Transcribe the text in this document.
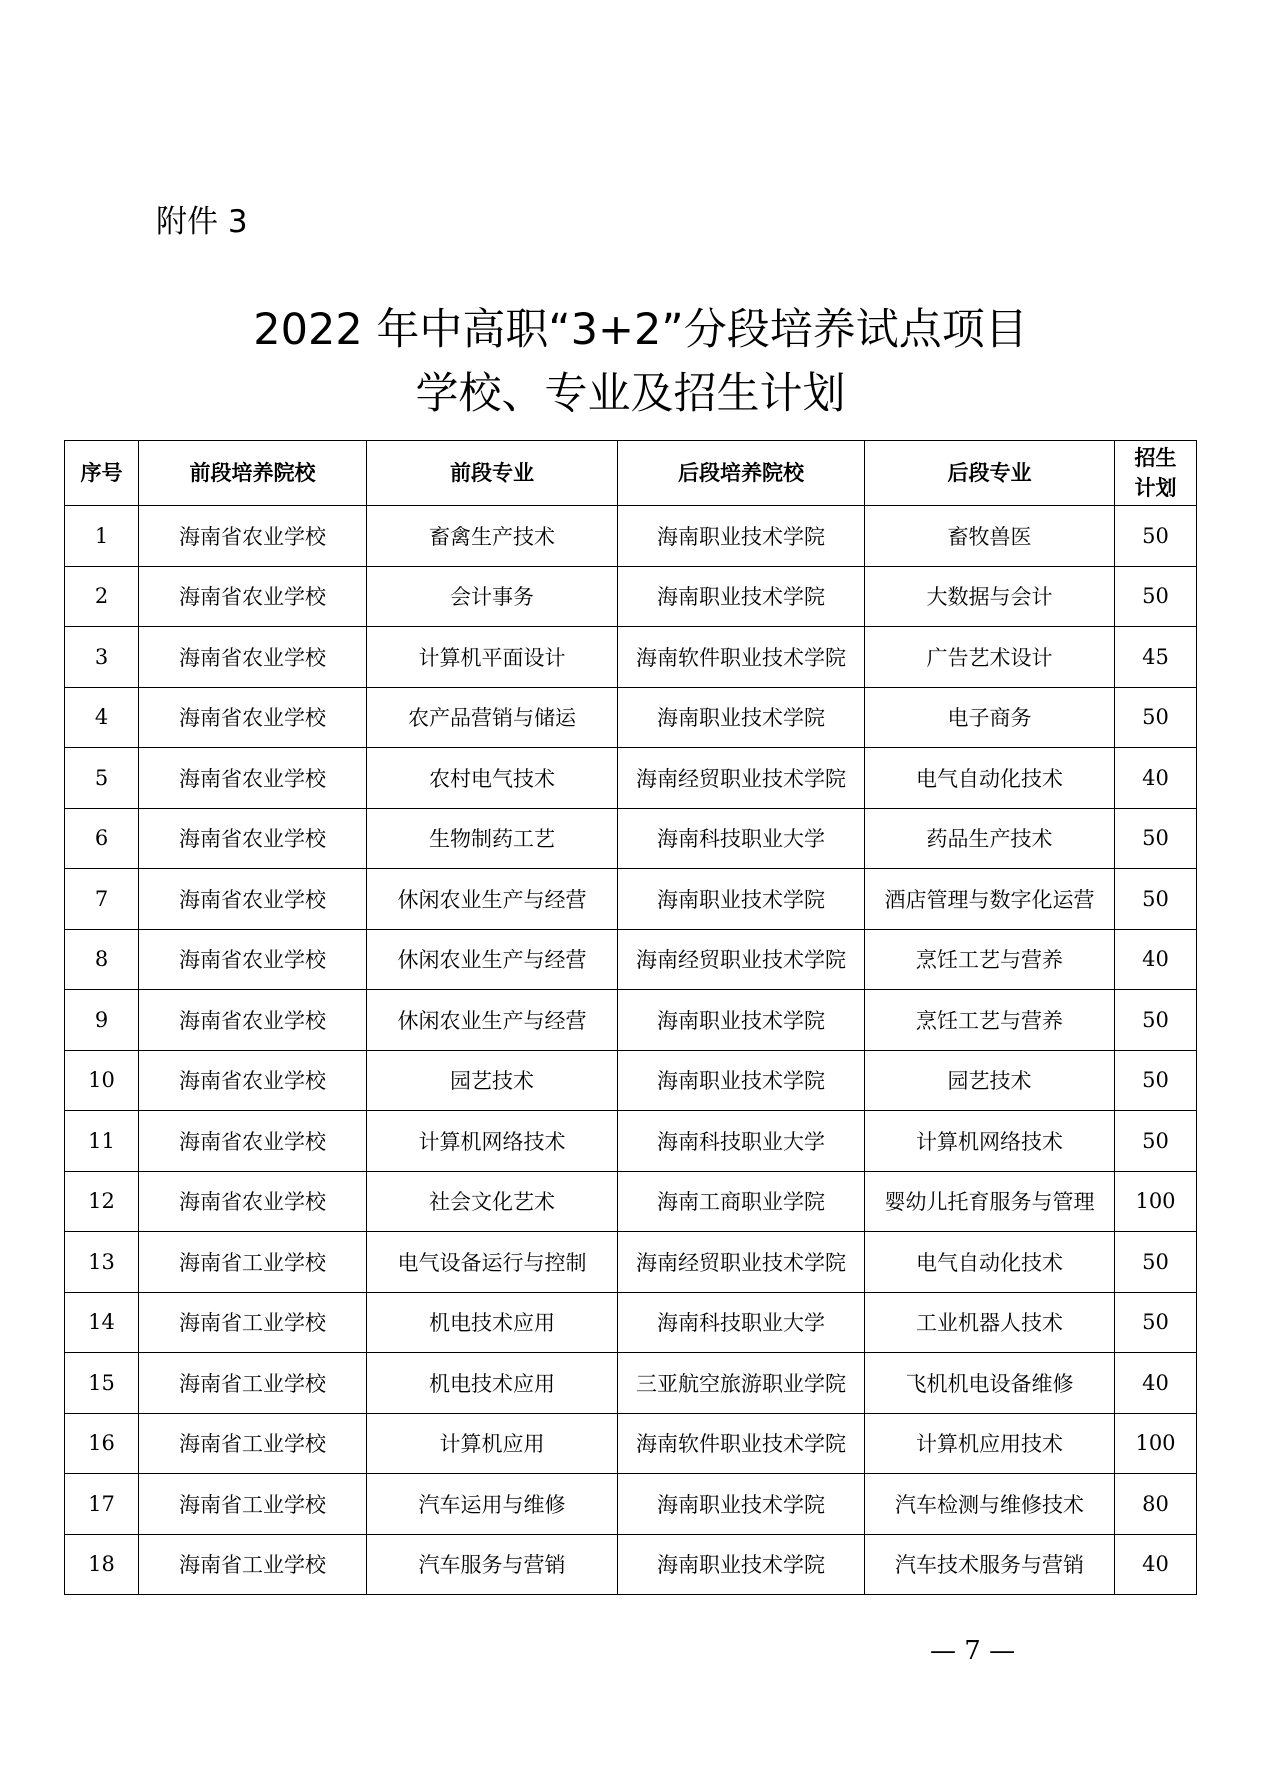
附件 3
2022 年中高职“3+2”分段培养试点项目
学校、专业及招生计划
序号	前段培养院校	前段专业	后段培养院校	后段专业	招生
计划

1	海南省农业学校	畜禽生产技术	海南职业技术学院	畜牧兽医	50
2	海南省农业学校	会计事务	海南职业技术学院	大数据与会计	50
3	海南省农业学校	计算机平面设计	海南软件职业技术学院	广告艺术设计	45
4	海南省农业学校	农产品营销与储运	海南职业技术学院	电子商务	50
5	海南省农业学校	农村电气技术	海南经贸职业技术学院	电气自动化技术	40
6	海南省农业学校	生物制药工艺	海南科技职业大学	药品生产技术	50
7	海南省农业学校	休闲农业生产与经营	海南职业技术学院	酒店管理与数字化运营	50
8	海南省农业学校	休闲农业生产与经营	海南经贸职业技术学院	烹饪工艺与营养	40
9	海南省农业学校	休闲农业生产与经营	海南职业技术学院	烹饪工艺与营养	50
10	海南省农业学校	园艺技术	海南职业技术学院	园艺技术	50
11	海南省农业学校	计算机网络技术	海南科技职业大学	计算机网络技术	50
12	海南省农业学校	社会文化艺术	海南工商职业学院	婴幼儿托育服务与管理	100
13	海南省工业学校	电气设备运行与控制	海南经贸职业技术学院	电气自动化技术	50
14	海南省工业学校	机电技术应用	海南科技职业大学	工业机器人技术	50
15	海南省工业学校	机电技术应用	三亚航空旅游职业学院	飞机机电设备维修	40
16	海南省工业学校	计算机应用	海南软件职业技术学院	计算机应用技术	100
17	海南省工业学校	汽车运用与维修	海南职业技术学院	汽车检测与维修技术	80
18	海南省工业学校	汽车服务与营销	海南职业技术学院	汽车技术服务与营销	40
— 7 —
